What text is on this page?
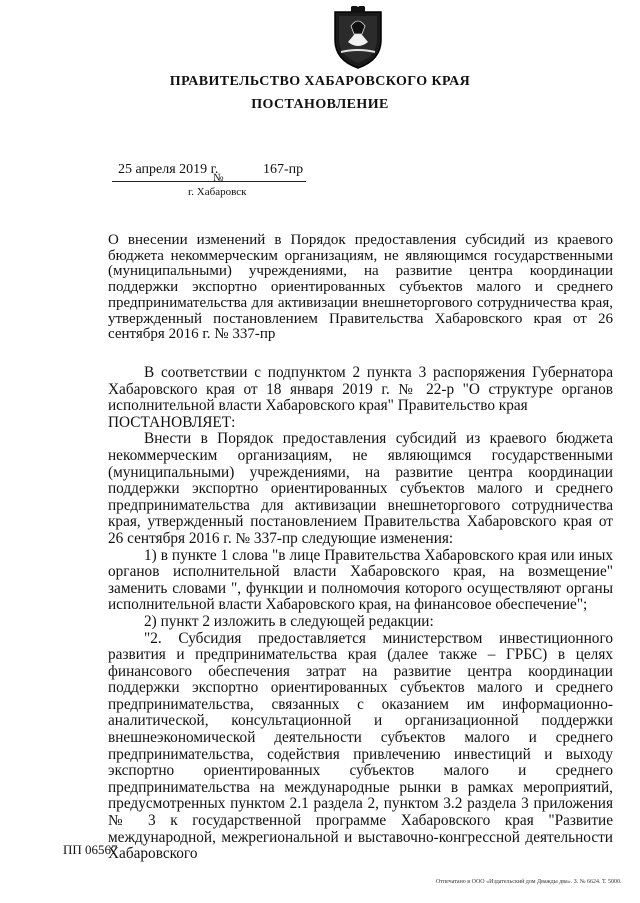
ПРАВИТЕЛЬСТВО ХАБАРОВСКОГО КРАЯ
ПОСТАНОВЛЕНИЕ
25 апреля 2019 г.
№
167-пр
г. Хабаровск
О внесении изменений в Порядок предоставления субсидий из краевого бюджета некоммерческим организациям, не являющимся государственными (муниципальными) учреждениями, на развитие центра координации поддержки экспортно ориентированных субъектов малого и среднего предпринимательства для активизации внешнеторгового сотрудничества края, утвержденный постановлением Правительства Хабаровского края от 26 сентября 2016 г. № 337-пр

В соответствии с подпунктом 2 пункта 3 распоряжения Губернатора Хабаровского края от 18 января 2019 г. № 22-р "О структуре органов исполнительной власти Хабаровского края" Правительство края

ПОСТАНОВЛЯЕТ:

Внести в Порядок предоставления субсидий из краевого бюджета некоммерческим организациям, не являющимся государственными (муниципальными) учреждениями, на развитие центра координации поддержки экспортно ориентированных субъектов малого и среднего предпринимательства для активизации внешнеторгового сотрудничества края, утвержденный постановлением Правительства Хабаровского края от 26 сентября 2016 г. № 337-пр следующие изменения:

1) в пункте 1 слова "в лице Правительства Хабаровского края или иных органов исполнительной власти Хабаровского края, на возмещение" заменить словами ", функции и полномочия которого осуществляют органы исполнительной власти Хабаровского края, на финансовое обеспечение";

2) пункт 2 изложить в следующей редакции:

"2. Субсидия предоставляется министерством инвестиционного развития и предпринимательства края (далее также – ГРБС) в целях финансового обеспечения затрат на развитие центра координации поддержки экспортно ориентированных субъектов малого и среднего предпринимательства, связанных с оказанием им информационно-аналитической, консультационной и организационной поддержки внешнеэкономической деятельности субъектов малого и среднего предпринимательства, содействия привлечению инвестиций и выходу экспортно ориентированных субъектов малого и среднего предпринимательства на международные рынки в рамках мероприятий, предусмотренных пунктом 2.1 раздела 2, пунктом 3.2 раздела 3 приложения № 3 к государственной программе Хабаровского края "Развитие международной, межрегиональной и выставочно-конгрессной деятельности Хабаровского

ПП 06567
Отпечатано в ООО «Издательский дом Дважды два». З. № 6624. Т. 5000.
